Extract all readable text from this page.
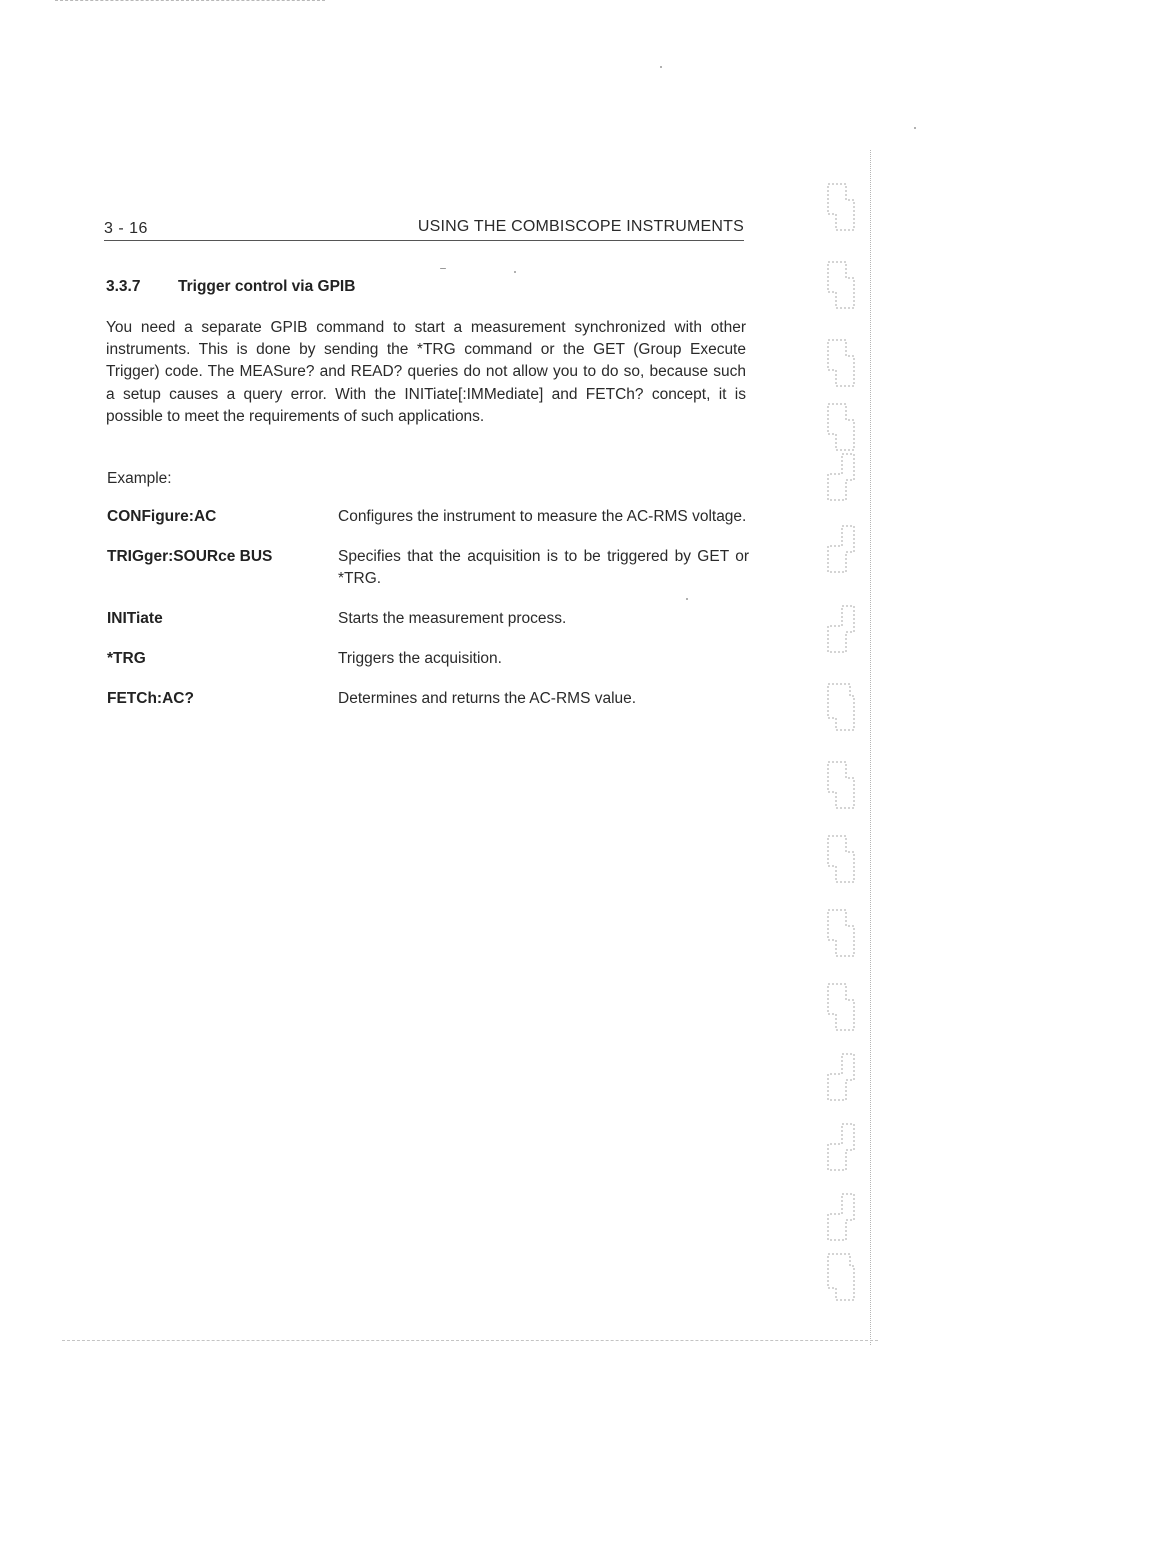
3 - 16	USING THE COMBISCOPE INSTRUMENTS
3.3.7 Trigger control via GPIB

You need a separate GPIB command to start a measurement synchronized with other instruments. This is done by sending the *TRG command or the GET (Group Execute Trigger) code. The MEASure? and READ? queries do not allow you to do so, because such a setup causes a query error. With the INITiate[:IMMediate] and FETCh? concept, it is possible to meet the requirements of such applications.

Example:
CONFigure:AC	Configures the instrument to measure the AC-RMS voltage.
TRIGger:SOURce BUS	Specifies that the acquisition is to be triggered by GET or *TRG.
INITiate	Starts the measurement process.
*TRG	Triggers the acquisition.
FETCh:AC?	Determines and returns the AC-RMS value.
